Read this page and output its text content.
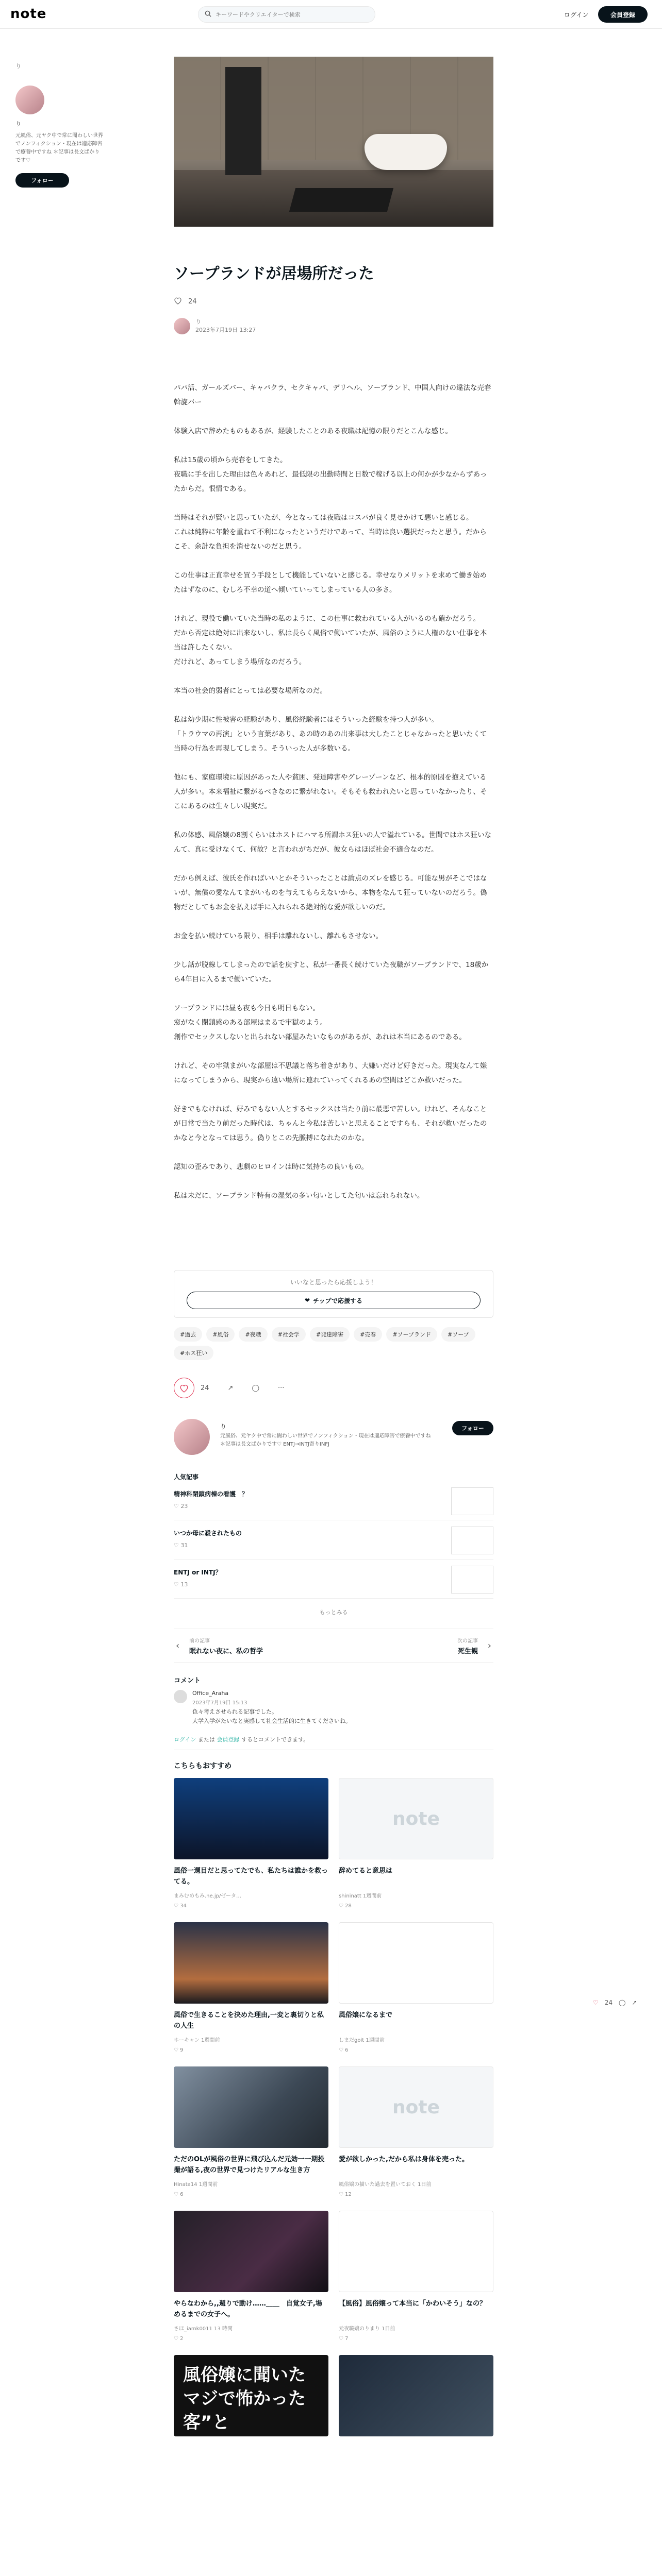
note
キーワードやクリエイターで検索	ログイン	会員登録
り
り
元風俗、元ヤク中で常に闇わしい世界でノンフィクション・現在は適応障害で療養中ですね ＊記事は長文ばかりです♡
フォロー
ソープランドが居場所だった
24
り
2023年7月19日 13:27

パパ活、ガールズバー、キャバクラ、セクキャバ、デリヘル、ソープランド、中国人向けの違法な売春斡旋バー

体験入店で辞めたものもあるが、経験したことのある夜職は記憶の限りだとこんな感じ。

私は15歳の頃から売春をしてきた。
夜職に手を出した理由は色々あれど、最低限の出勤時間と日数で稼げる以上の何かが少なからずあったからだ。恨情である。

当時はそれが賢いと思っていたが、今となっては夜職はコスパが良く見せかけて悪いと感じる。
これは純粋に年齢を重ねて不利になったというだけであって、当時は良い選択だったと思う。だからこそ、余計な負担を消せないのだと思う。

この仕事は正直幸せを買う手段として機能していないと感じる。幸せなりメリットを求めて働き始めたはずなのに、むしろ不幸の道へ傾いていってしまっている人の多さ。

けれど、現役で働いていた当時の私のように、この仕事に救われている人がいるのも確かだろう。
だから否定は絶対に出来ないし、私は長らく風俗で働いていたが、風俗のように人権のない仕事を本当は許したくない。
だけれど、あってしまう場所なのだろう。

本当の社会的弱者にとっては必要な場所なのだ。

私は幼少期に性被害の経験があり、風俗経験者にはそういった経験を持つ人が多い。
「トラウマの再演」という言葉があり、あの時のあの出来事は大したことじゃなかったと思いたくて当時の行為を再現してしまう。そういった人が多数いる。

他にも、家庭環境に原因があった人や貧困、発達障害やグレーゾーンなど、根本的原因を抱えている人が多い。本来福祉に繋がるべきなのに繋がれない。そもそも救われたいと思っていなかったり、そこにあるのは生々しい現実だ。

私の体感、風俗嬢の8割くらいはホストにハマる所謂ホス狂いの人で溢れている。世間ではホス狂いなんて、真に受けなくて、何故？と言われがちだが、彼女らはほぼ社会不適合なのだ。

だから例えば、彼氏を作ればいいとかそういったことは論点のズレを感じる。可能な男がそこではないが、無償の愛なんてまがいものを与えてもらえないから、本物をなんて狂っていないのだろう。偽物だとしてもお金を払えば手に入れられる絶対的な愛が欲しいのだ。

お金を払い続けている限り、相手は離れないし、離れもさせない。

少し話が脱線してしまったので話を戻すと、私が一番長く続けていた夜職がソープランドで、18歳から4年目に入るまで働いていた。

ソープランドには昼も夜も今日も明日もない。
窓がなく閉鎖感のある部屋はまるで牢獄のよう。
創作でセックスしないと出られない部屋みたいなものがあるが、あれは本当にあるのである。

けれど、その牢獄まがいな部屋は不思議と落ち着きがあり、大嫌いだけど好きだった。現実なんて嫌になってしまうから、現実から遠い場所に連れていってくれるあの空間はどこか救いだった。

好きでもなければ、好みでもない人とするセックスは当たり前に最悪で苦しい。けれど、そんなことが日常で当たり前だった時代は、ちゃんと今私は苦しいと思えることですらも、それが救いだったのかなと今となっては思う。偽りとこの先脈搏になれたのかな。

認知の歪みであり、悲劇のヒロインは時に気持ちの良いもの。

私は未だに、ソープランド特有の湿気の多い匂いとしてた匂いは忘れられない。

いいなと思ったら応援しよう！
❤ チップで応援する
#過去	#風俗	#夜職	#社会学	#発達障害	#売春	#ソープランド	#ソープ
#ホス狂い
24	↗	◯	···
り
元風俗、元ヤク中で常に闇わしい世界でノンフィクション・現在は適応障害で療養中ですね ＊記事は長文ばかりです♡ ENTJ→INTJ寄りINFJ
フォロー
人気記事
精神科閉鎖病棟の看護　？
♡ 23
いつか母に殺されたもの
♡ 31
ENTJ or INTJ？
♡ 13
もっとみる
‹ 前の記事
眠れない夜に、私の哲学
次の記事
死生観
›
コメント
Office_Araha
2023年7月19日 15:13
色々考えさせられる記事でした。
大学入学がたいなと実感して社会生活的に生きてくださいね。
ログイン または 会員登録 するとコメントできます。
こちらもおすすめ
風俗一週目だと思ってたでも、私たちは誰かを救ってる。
まみむめもみ.ne.jp/ゼータ…
♡ 34
note
辞めてると意思は
shininatt 1週間前
♡ 28
風俗で生きることを決めた理由,一変と裏切りと私の人生
ホーキャン 1週間前
♡ 9
風俗嬢になるまで
しまだgoit 1週間前
♡ 6
ただのOLが風俗の世界に飛び込んだ元効一一期投撮が語る,夜の世界で見つけたリアルな生き方
Hinata14 1週間前
♡ 6
note
愛が欲しかった,だから私は身体を売った。
風俗嬢の描いた過去を置いておく 1日前
♡ 12
やらなわから,,週りで動け……____　自覚女子,場めるまでの女子へ。
さほ_iamk0011 13 時間
♡ 2
【風俗】風俗嬢って本当に「かわいそう」なの？
元夜職嬢のりまり 1日前
♡ 7
風俗嬢に聞いた
マジで怖かった客”と
“本音の裏側”
♡ 24 ◯ ↗
